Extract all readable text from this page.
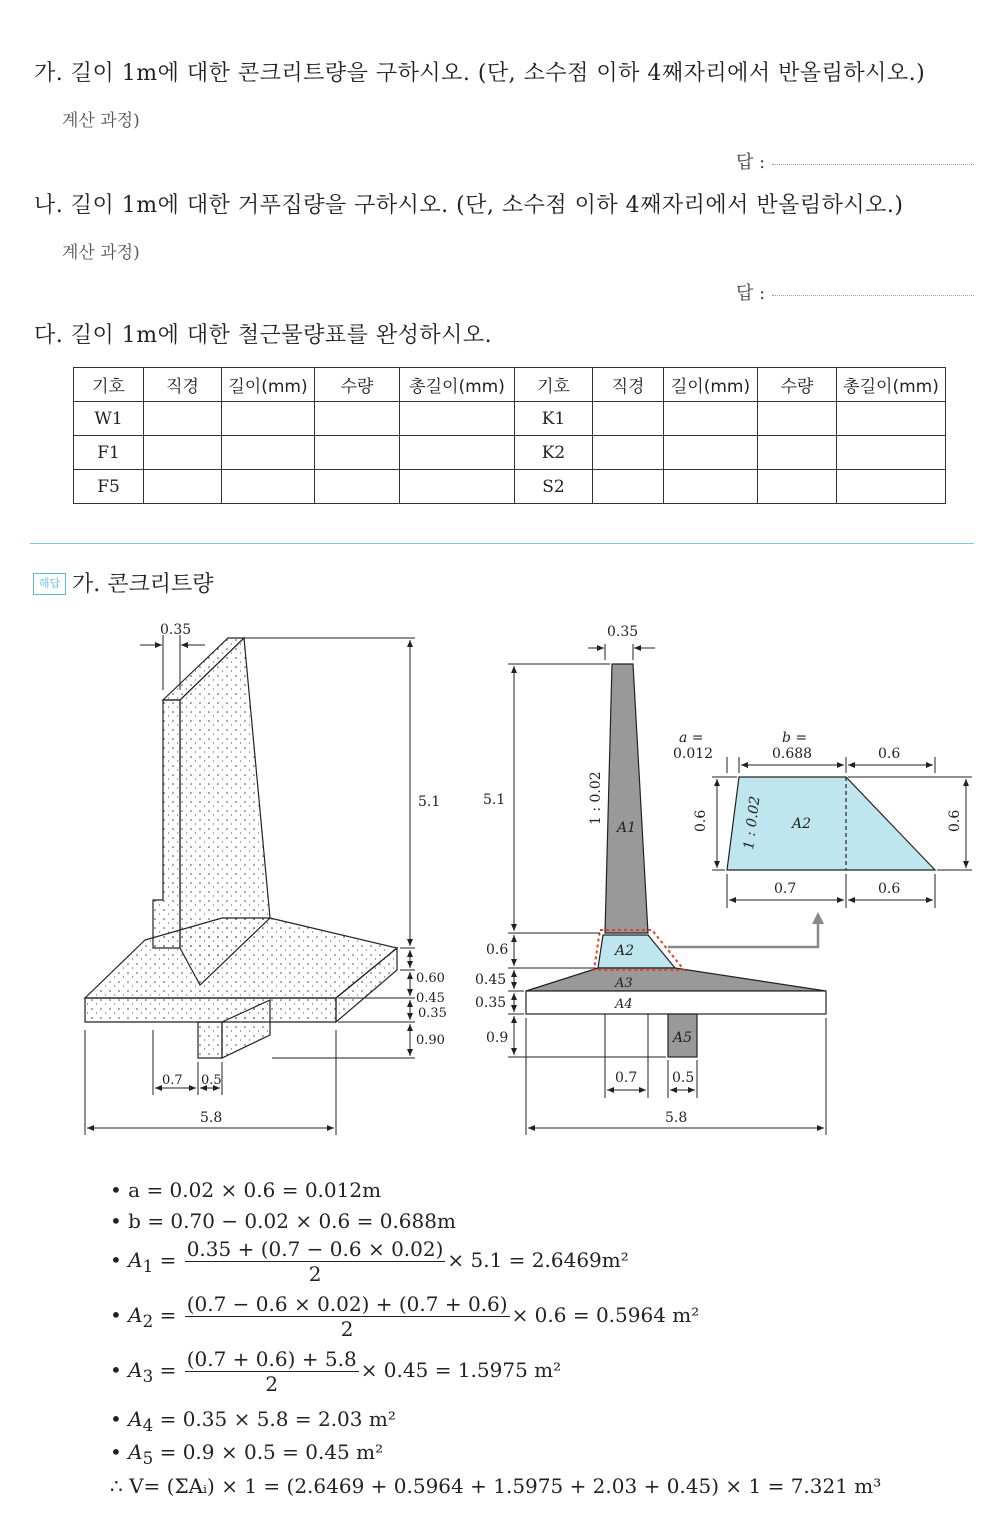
가. 길이 1m에 대한 콘크리트량을 구하시오. (단, 소수점 이하 4째자리에서 반올림하시오.)
계산 과정)
답 :
나. 길이 1m에 대한 거푸집량을 구하시오. (단, 소수점 이하 4째자리에서 반올림하시오.)
계산 과정)
답 :
다. 길이 1m에 대한 철근물량표를 완성하시오.
기호	직경	길이(mm)	수량	총길이(mm)	기호	직경	길이(mm)	수량	총길이(mm)
W1					K1				
F1					K2				
F5					S2				
해답 가. 콘크리트량
0.35
5.1
0.60
0.45
0.35
0.90
0.7 0.5
5.8
0.35
5.1
0.6
0.45
0.35
0.9
1 : 0.02
A1
A2
A3
A4
A5
0.7 0.5
5.8
a =
0.012
b =
0.688	0.6
0.6	0.6
1 : 0.02 A2
0.7	0.6
• a = 0.02 × 0.6 = 0.012m
• b = 0.70 − 0.02 × 0.6 = 0.688m
• $A_1 = \frac{0.35 + (0.7 - 0.6 \times 0.02)}{2} \times 5.1 = 2.6469m^2$
• $A_2 = \frac{(0.7 - 0.6 \times 0.02) + (0.7 + 0.6)}{2} \times 0.6 = 0.5964$ m²
• $A_3 = \frac{(0.7 + 0.6) + 5.8}{2} \times 0.45 = 1.5975$ m²
• $A_4 = 0.35 \times 5.8 = 2.03$ m²
• $A_5 = 0.9 \times 0.5 = 0.45$ m²
∴ V= (ΣAᵢ) × 1 = (2.6469 + 0.5964 + 1.5975 + 2.03 + 0.45) × 1 = 7.321 m³
